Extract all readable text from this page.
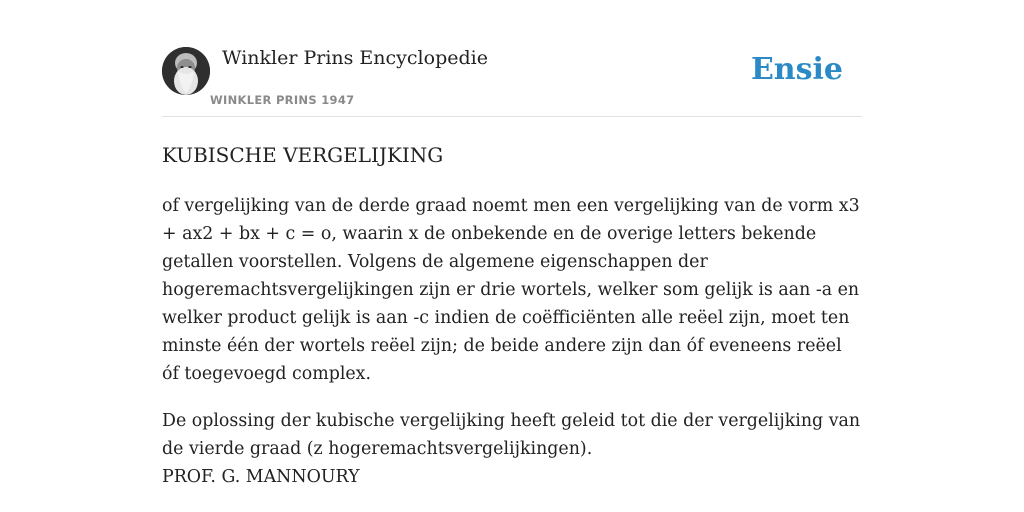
Winkler Prins Encyclopedie
WINKLER PRINS 1947
Ensie
KUBISCHE VERGELIJKING

of vergelijking van de derde graad noemt men een vergelijking van de vorm x3 + ax2 + bx + c = o, waarin x de onbekende en de overige letters bekende getallen voorstellen. Volgens de algemene eigenschappen der hogeremachtsvergelijkingen zijn er drie wortels, welker som gelijk is aan -a en welker product gelijk is aan -c indien de coëfficiënten alle reëel zijn, moet ten minste één der wortels reëel zijn; de beide andere zijn dan óf eveneens reëel óf toegevoegd complex.

De oplossing der kubische vergelijking heeft geleid tot die der vergelijking van de vierde graad (z hogeremachtsvergelijkingen).

PROF. G. MANNOURY
